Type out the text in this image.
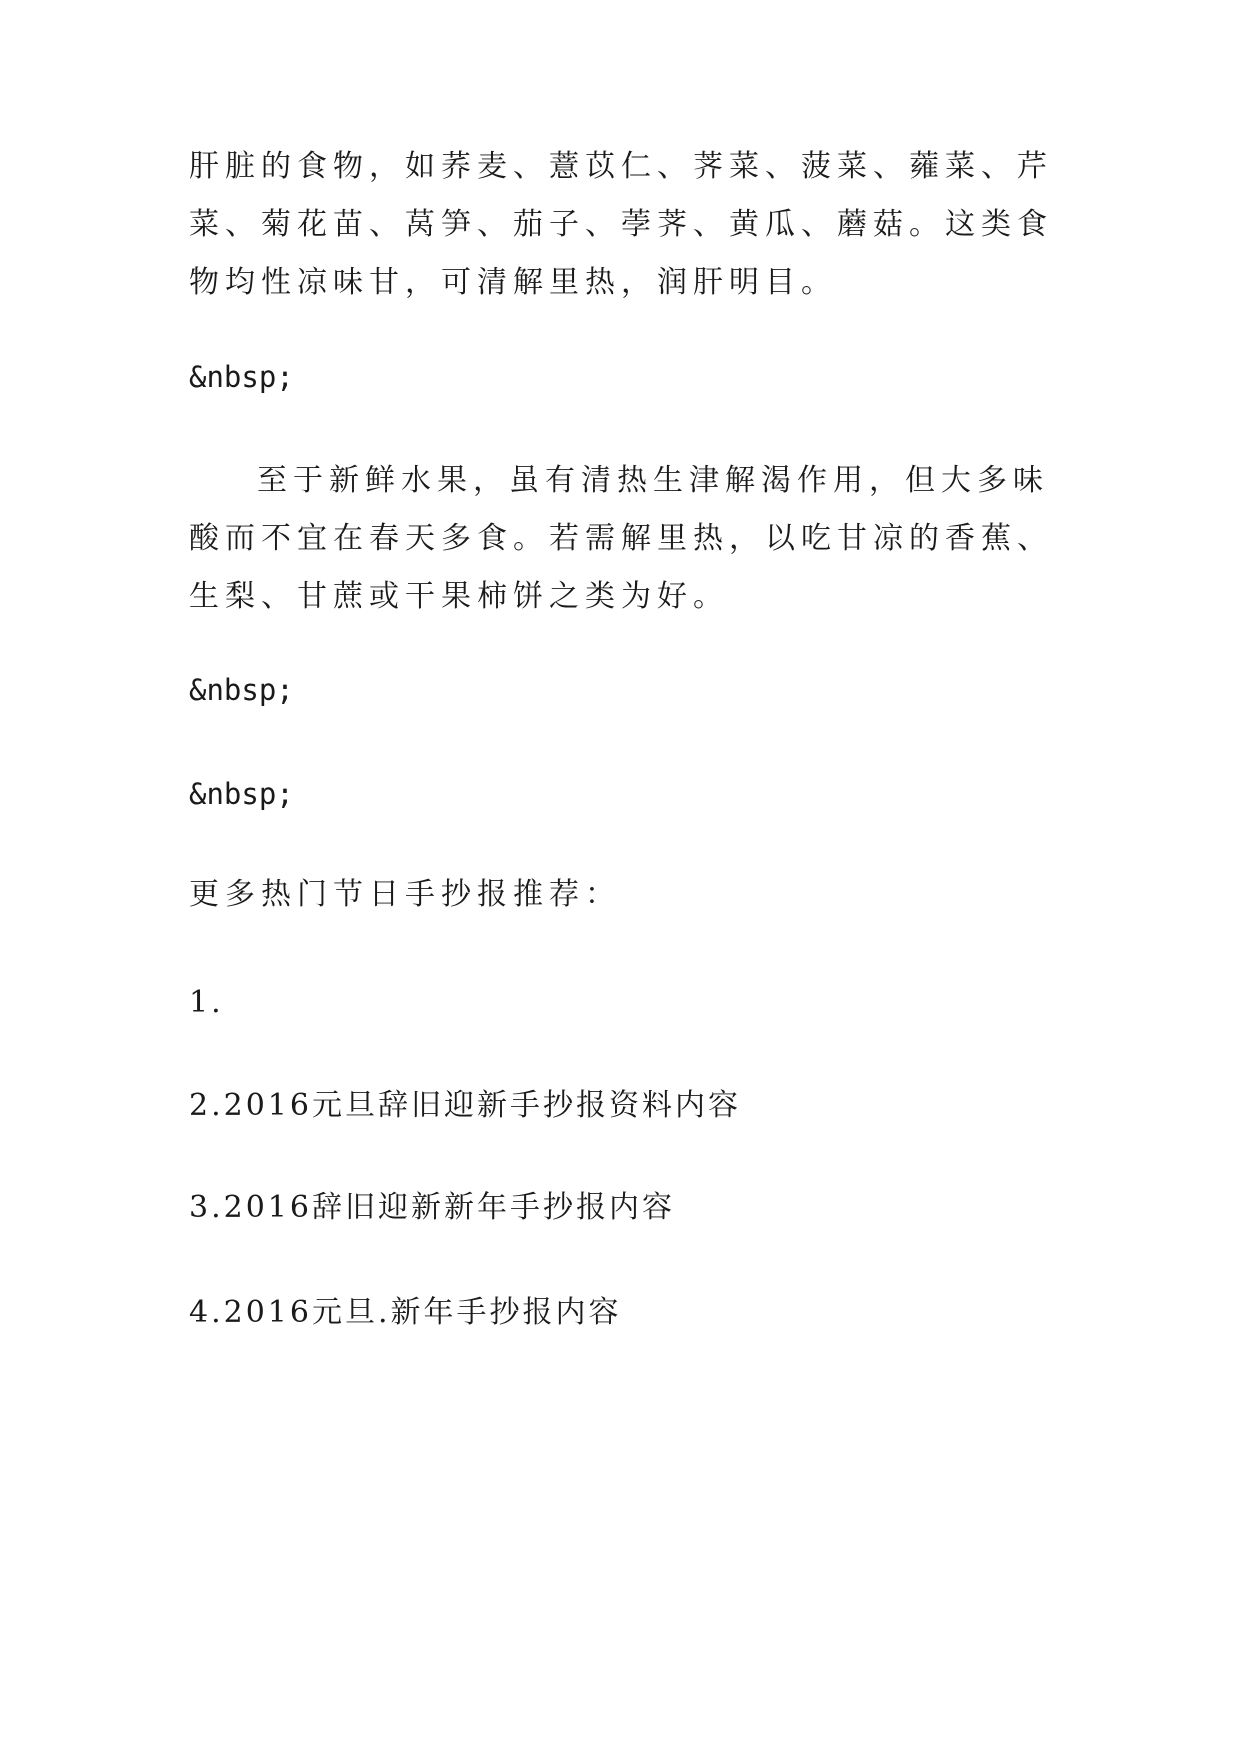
肝脏的食物，如荞麦、薏苡仁、荠菜、菠菜、蕹菜、芹菜、菊花苗、莴笋、茄子、荸荠、黄瓜、蘑菇。这类食物均性凉味甘，可清解里热，润肝明目。

&nbsp;

至于新鲜水果，虽有清热生津解渴作用，但大多味酸而不宜在春天多食。若需解里热，以吃甘凉的香蕉、生梨、甘蔗或干果柿饼之类为好。

&nbsp;

&nbsp;

更多热门节日手抄报推荐：

1.

2.2016元旦辞旧迎新手抄报资料内容

3.2016辞旧迎新新年手抄报内容

4.2016元旦.新年手抄报内容
